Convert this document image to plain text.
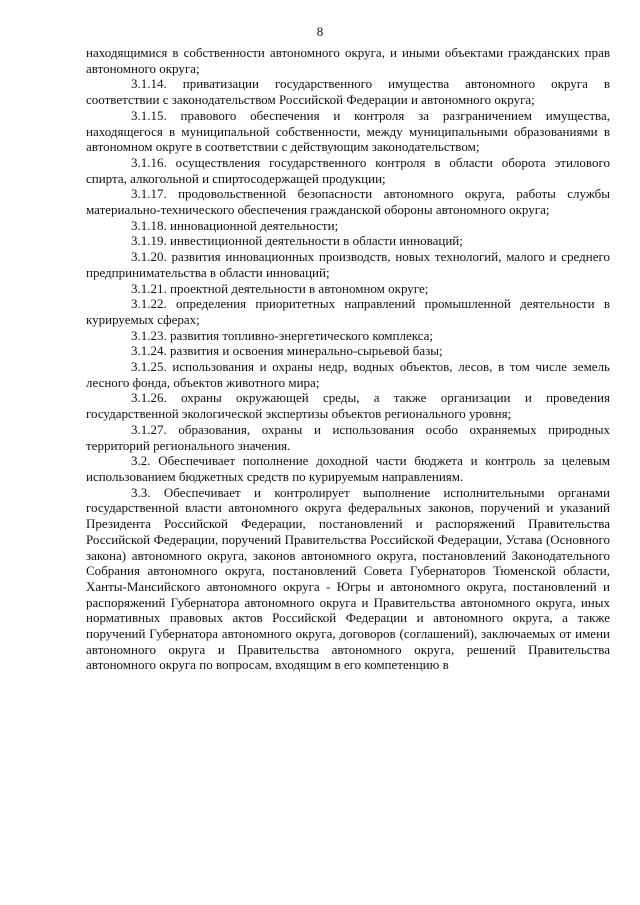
8

находящимися в собственности автономного округа, и иными объектами гражданских прав автономного округа;

3.1.14. приватизации государственного имущества автономного округа в соответствии с законодательством Российской Федерации и автономного округа;

3.1.15. правового обеспечения и контроля за разграничением имущества, находящегося в муниципальной собственности, между муниципальными образованиями в автономном округе в соответствии с действующим законодательством;

3.1.16. осуществления государственного контроля в области оборота этилового спирта, алкогольной и спиртосодержащей продукции;

3.1.17. продовольственной безопасности автономного округа, работы службы материально-технического обеспечения гражданской обороны автономного округа;

3.1.18. инновационной деятельности;

3.1.19. инвестиционной деятельности в области инноваций;

3.1.20. развития инновационных производств, новых технологий, малого и среднего предпринимательства в области инноваций;

3.1.21. проектной деятельности в автономном округе;

3.1.22. определения приоритетных направлений промышленной деятельности в курируемых сферах;

3.1.23. развития топливно-энергетического комплекса;

3.1.24. развития и освоения минерально-сырьевой базы;

3.1.25. использования и охраны недр, водных объектов, лесов, в том числе земель лесного фонда, объектов животного мира;

3.1.26. охраны окружающей среды, а также организации и проведения государственной экологической экспертизы объектов регионального уровня;

3.1.27. образования, охраны и использования особо охраняемых природных территорий регионального значения.

3.2. Обеспечивает пополнение доходной части бюджета и контроль за целевым использованием бюджетных средств по курируемым направлениям.

3.3. Обеспечивает и контролирует выполнение исполнительными органами государственной власти автономного округа федеральных законов, поручений и указаний Президента Российской Федерации, постановлений и распоряжений Правительства Российской Федерации, поручений Правительства Российской Федерации, Устава (Основного закона) автономного округа, законов автономного округа, постановлений Законодательного Собрания автономного округа, постановлений Совета Губернаторов Тюменской области, Ханты-Мансийского автономного округа - Югры и автономного округа, постановлений и распоряжений Губернатора автономного округа и Правительства автономного округа, иных нормативных правовых актов Российской Федерации и автономного округа, а также поручений Губернатора автономного округа, договоров (соглашений), заключаемых от имени автономного округа и Правительства автономного округа, решений Правительства автономного округа по вопросам, входящим в его компетенцию в
